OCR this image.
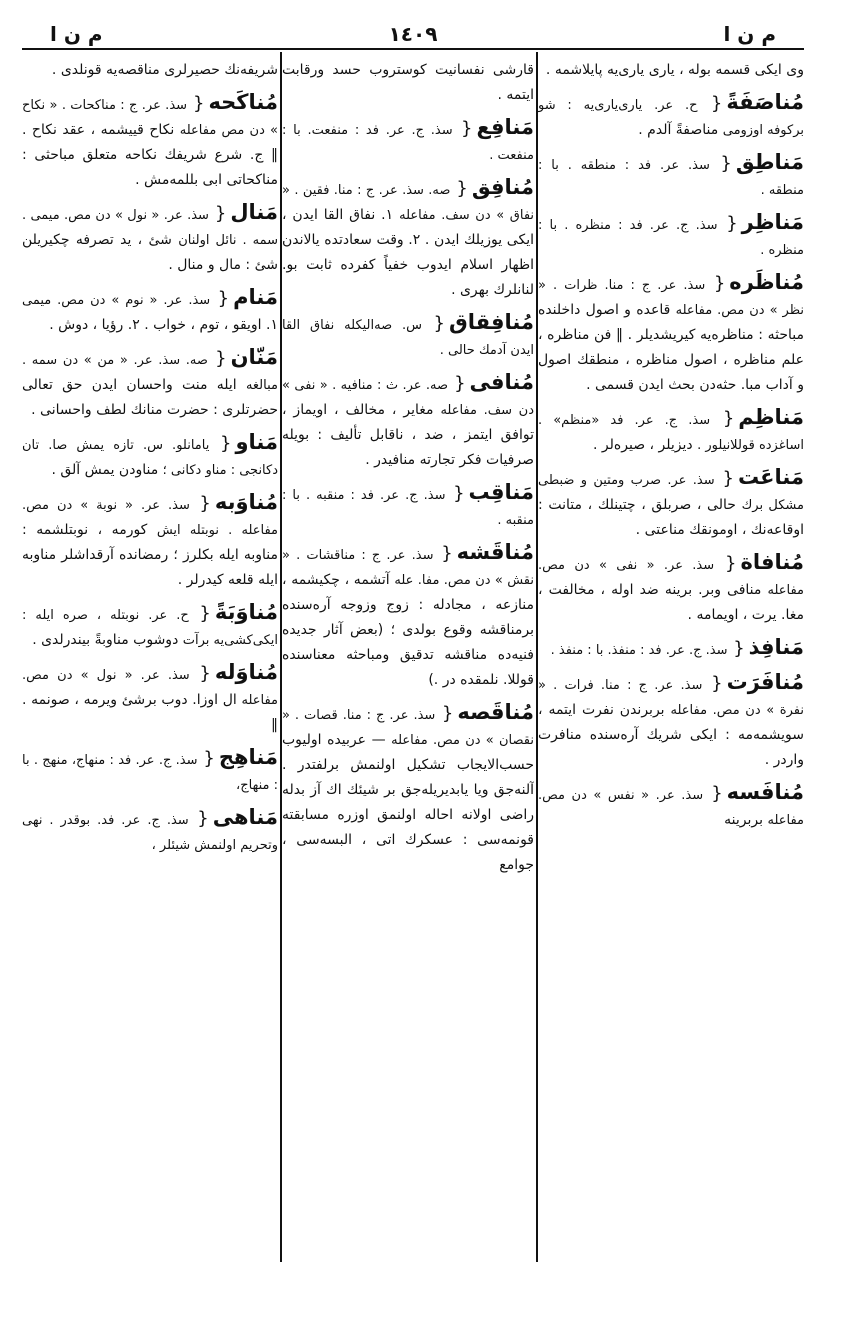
م ن ا	١٤٠٩	م ن ا
وى ايكى قسمه بوله ، يارى يارى‌يه پايلاشمه .
مُناصَفَةً{ ح. عر. يارى‌يارى‌يه : شو بركوفه اوزومى مناصفةً آلدم .
مَناطِق{ سذ. عر. فد : منطقه . با : منطقه .
مَناظِر{ سذ. ج. عر. فد : منظره . با : منظره .
مُناظَره{ سذ. عر. ج : منا. ظرات . « نظر » دن مص. مفاعله قاعده و اصول داخلنده مباحثه : مناظره‌يه كيريشديلر . ‖ فن مناظره ، علم مناظره ، اصول مناظره ، منطقك اصول و آداب مبا. حثه‌دن بحث ايدن قسمى .
مَناظِم{ سذ. ج. عر. فد «منظم» . اساغزده قوللانيلور . ديزيلر ، صيره‌لر .
مَناعَت{ سذ. عر. صرب ومتين و ضبطى مشكل برك حالى ، صربلق ، چتينلك ، متانت : اوقاعه‌نك ، اومونقك مناعتى .
مُنافاة{ سذ. عر. « نفى » دن مص. مفاعله منافى وبر. برينه ضد اوله ، مخالفت ، مغا. يرت ، اويمامه .
مَنافِذ{ سذ. ج. عر. فد : منفذ. با : منفذ .
مُنافَرَت{ سذ. عر. ج : منا. فرات . « نفرة » دن مص. مفاعله بربرندن نفرت ايتمه ، سويشمه‌مه : ايكى شريك آره‌سنده منافرت واردر .
مُنافَسه{ سذ. عر. « نفس » دن مص. مفاعله بربرينه
قارشى نفسانيت كوستروب حسد ورقابت ايتمه .
مَنافِع{ سذ. ج. عر. فد : منفعت. با : منفعت .
مُنافِق{ صه. سذ. عر. ج : منا. فقين . « نفاق » دن سف. مفاعله ١. نفاق القا ايدن ، ايكى يوزيلك ايدن . ٢. وقت سعادتده يالاندن اظهار اسلام ايدوب خفياً كفرده ثابت بو. لنانلرك بهرى .
مُنافِقاق{ س. صه‌اليكله نفاق القا ايدن آدمك حالى .
مُنافى{ صه. عر. ث : منافيه . « نفى » دن سف. مفاعله مغاير ، مخالف ، اويماز ، توافق ايتمز ، ضد ، ناقابل تأليف : بويله صرفيات فكر تجارته منافيدر .
مَناقِب{ سذ. ج. عر. فد : منقبه . با : منقبه .
مُناقَشه{ سذ. عر. ج : مناقشات . « نقش » دن مص. مفا. عله آتشمه ، چكيشمه ، منازعه ، مجادله : زوج وزوجه آره‌سنده برمناقشه وقوع بولدى ؛ (بعض آثار جديده‌ فنيه‌ده مناقشه تدقيق ومباحثه معناسنده قوللا. نلمقده در .)
مُناقَصه{ سذ. عر. ج : منا. قصات . « نقصان » دن مص. مفاعله — عربيده اوليوب حسب‌الايجاب تشكيل اولنمش برلفتدر . آلنه‌جق ويا يابديريله‌جق بر شيئك اك آز بدله راضى اولانه احاله اولنمق اوزره مسابقته قونمه‌سى : عسكرك اتى ، البسه‌سى ، جوامع
شريفه‌نك حصيرلرى مناقصه‌يه قونلدى .
مُناكَحه{ سذ. عر. ج : مناكحات . « نكاح » دن مص مفاعله نكاح قييشمه ، عقد نكاح . ‖ ج. شرع شريفك نكاحه متعلق مباحثى : مناكحاتى ابى بللمه‌مش .
مَنال{ سذ. عر. « نول » دن مص. ميمى . سمه . نائل اولنان شئ ، يد تصرفه چكيريلن شئ : مال و منال .
مَنام{ سذ. عر. « نوم » دن مص. ميمى ١. اويقو ، توم ، خواب . ٢. رؤيا ، دوش .
مَنّان{ صه. سذ. عر. « من » دن سمه . مبالغه ايله منت واحسان ايدن حق تعالى حضرتلرى : حضرت منانك لطف واحسانى .
مَناو{ يامانلو. س. تازه يمش صا. تان دكانجى : مناو دكانى ؛ مناودن يمش آلق .
مُناوَبه{ سذ. عر. « نوبة » دن مص. مفاعله . نوبتله ايش كورمه ، نوبتلشمه : مناوبه ايله بكلرز ؛ رمضانده آرقداشلر مناوبه ايله قلعه كيدرلر .
مُناوَبَةً{ ح. عر. نوبتله ، صره ايله : ايكى‌كشى‌يه برآت دوشوب مناوبةً بيندرلدى .
مُناوَله{ سذ. عر. « نول » دن مص. مفاعله ال اوزا. دوب برشئ ويرمه ، صونمه . ‖
مَناهِج{ سذ. ج. عر. فد : منهاج، منهج . با : منهاج،
مَناهى{ سذ. ج. عر. فد. بوقدر . نهى وتحريم اولنمش شيئلر ،
